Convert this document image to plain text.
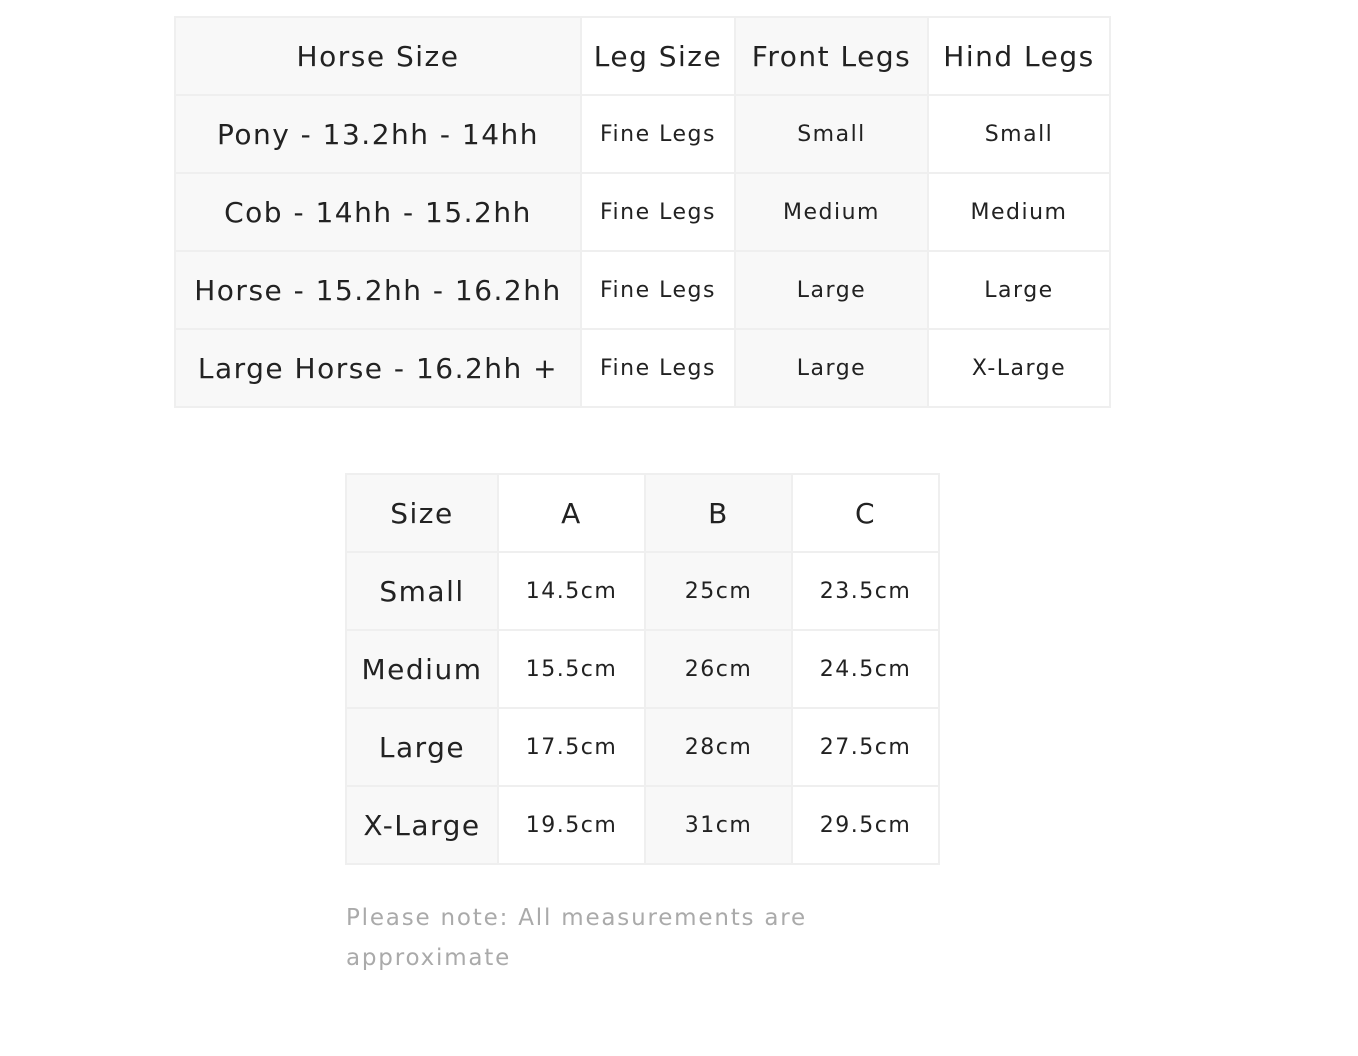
Horse Size	Leg Size	Front Legs	Hind Legs
Pony - 13.2hh - 14hh	Fine Legs	Small	Small
Cob - 14hh - 15.2hh	Fine Legs	Medium	Medium
Horse - 15.2hh - 16.2hh	Fine Legs	Large	Large
Large Horse - 16.2hh +	Fine Legs	Large	X-Large
Size	A	B	C
Small	14.5cm	25cm	23.5cm
Medium	15.5cm	26cm	24.5cm
Large	17.5cm	28cm	27.5cm
X-Large	19.5cm	31cm	29.5cm

Please note: All measurements are approximate
